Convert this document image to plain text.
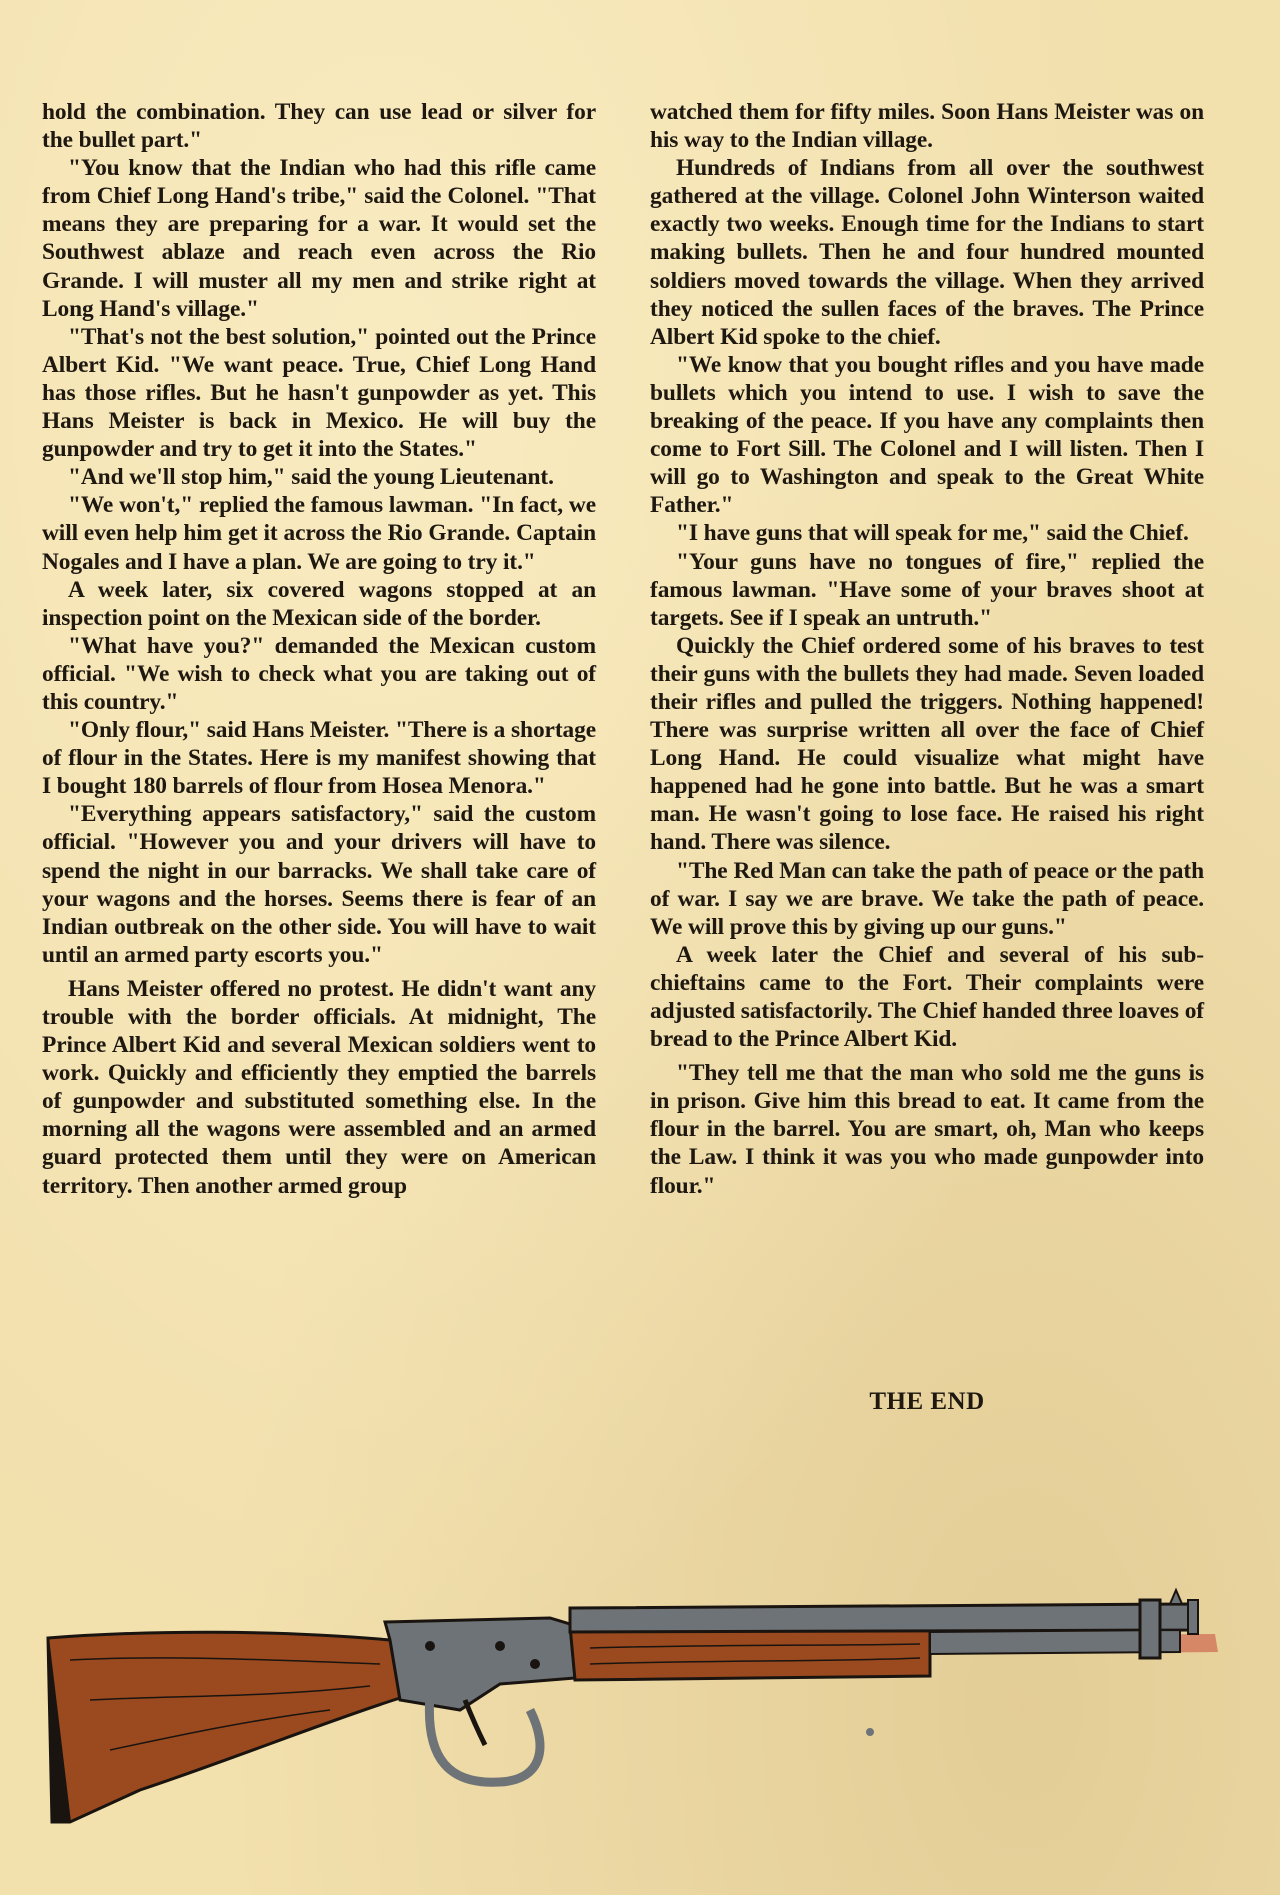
hold the combination. They can use lead or silver for the bullet part."

"You know that the Indian who had this rifle came from Chief Long Hand's tribe," said the Colonel. "That means they are preparing for a war. It would set the Southwest ablaze and reach even across the Rio Grande. I will muster all my men and strike right at Long Hand's village."

"That's not the best solution," pointed out the Prince Albert Kid. "We want peace. True, Chief Long Hand has those rifles. But he hasn't gunpowder as yet. This Hans Meister is back in Mexico. He will buy the gunpowder and try to get it into the States."

"And we'll stop him," said the young Lieutenant.

"We won't," replied the famous lawman. "In fact, we will even help him get it across the Rio Grande. Captain Nogales and I have a plan. We are going to try it."

A week later, six covered wagons stopped at an inspection point on the Mexican side of the border.

"What have you?" demanded the Mexican custom official. "We wish to check what you are taking out of this country."

"Only flour," said Hans Meister. "There is a shortage of flour in the States. Here is my manifest showing that I bought 180 barrels of flour from Hosea Menora."

"Everything appears satisfactory," said the custom official. "However you and your drivers will have to spend the night in our barracks. We shall take care of your wagons and the horses. Seems there is fear of an Indian outbreak on the other side. You will have to wait until an armed party escorts you."

Hans Meister offered no protest. He didn't want any trouble with the border officials. At midnight, The Prince Albert Kid and several Mexican soldiers went to work. Quickly and efficiently they emptied the barrels of gunpowder and substituted something else. In the morning all the wagons were assembled and an armed guard protected them until they were on American territory. Then another armed group

watched them for fifty miles. Soon Hans Meister was on his way to the Indian village.

Hundreds of Indians from all over the southwest gathered at the village. Colonel John Winterson waited exactly two weeks. Enough time for the Indians to start making bullets. Then he and four hundred mounted soldiers moved towards the village. When they arrived they noticed the sullen faces of the braves. The Prince Albert Kid spoke to the chief.

"We know that you bought rifles and you have made bullets which you intend to use. I wish to save the breaking of the peace. If you have any complaints then come to Fort Sill. The Colonel and I will listen. Then I will go to Washington and speak to the Great White Father."

"I have guns that will speak for me," said the Chief.

"Your guns have no tongues of fire," replied the famous lawman. "Have some of your braves shoot at targets. See if I speak an untruth."

Quickly the Chief ordered some of his braves to test their guns with the bullets they had made. Seven loaded their rifles and pulled the triggers. Nothing happened! There was surprise written all over the face of Chief Long Hand. He could visualize what might have happened had he gone into battle. But he was a smart man. He wasn't going to lose face. He raised his right hand. There was silence.

"The Red Man can take the path of peace or the path of war. I say we are brave. We take the path of peace. We will prove this by giving up our guns."

A week later the Chief and several of his sub-chieftains came to the Fort. Their complaints were adjusted satisfactorily. The Chief handed three loaves of bread to the Prince Albert Kid.

"They tell me that the man who sold me the guns is in prison. Give him this bread to eat. It came from the flour in the barrel. You are smart, oh, Man who keeps the Law. I think it was you who made gunpowder into flour."

THE END
